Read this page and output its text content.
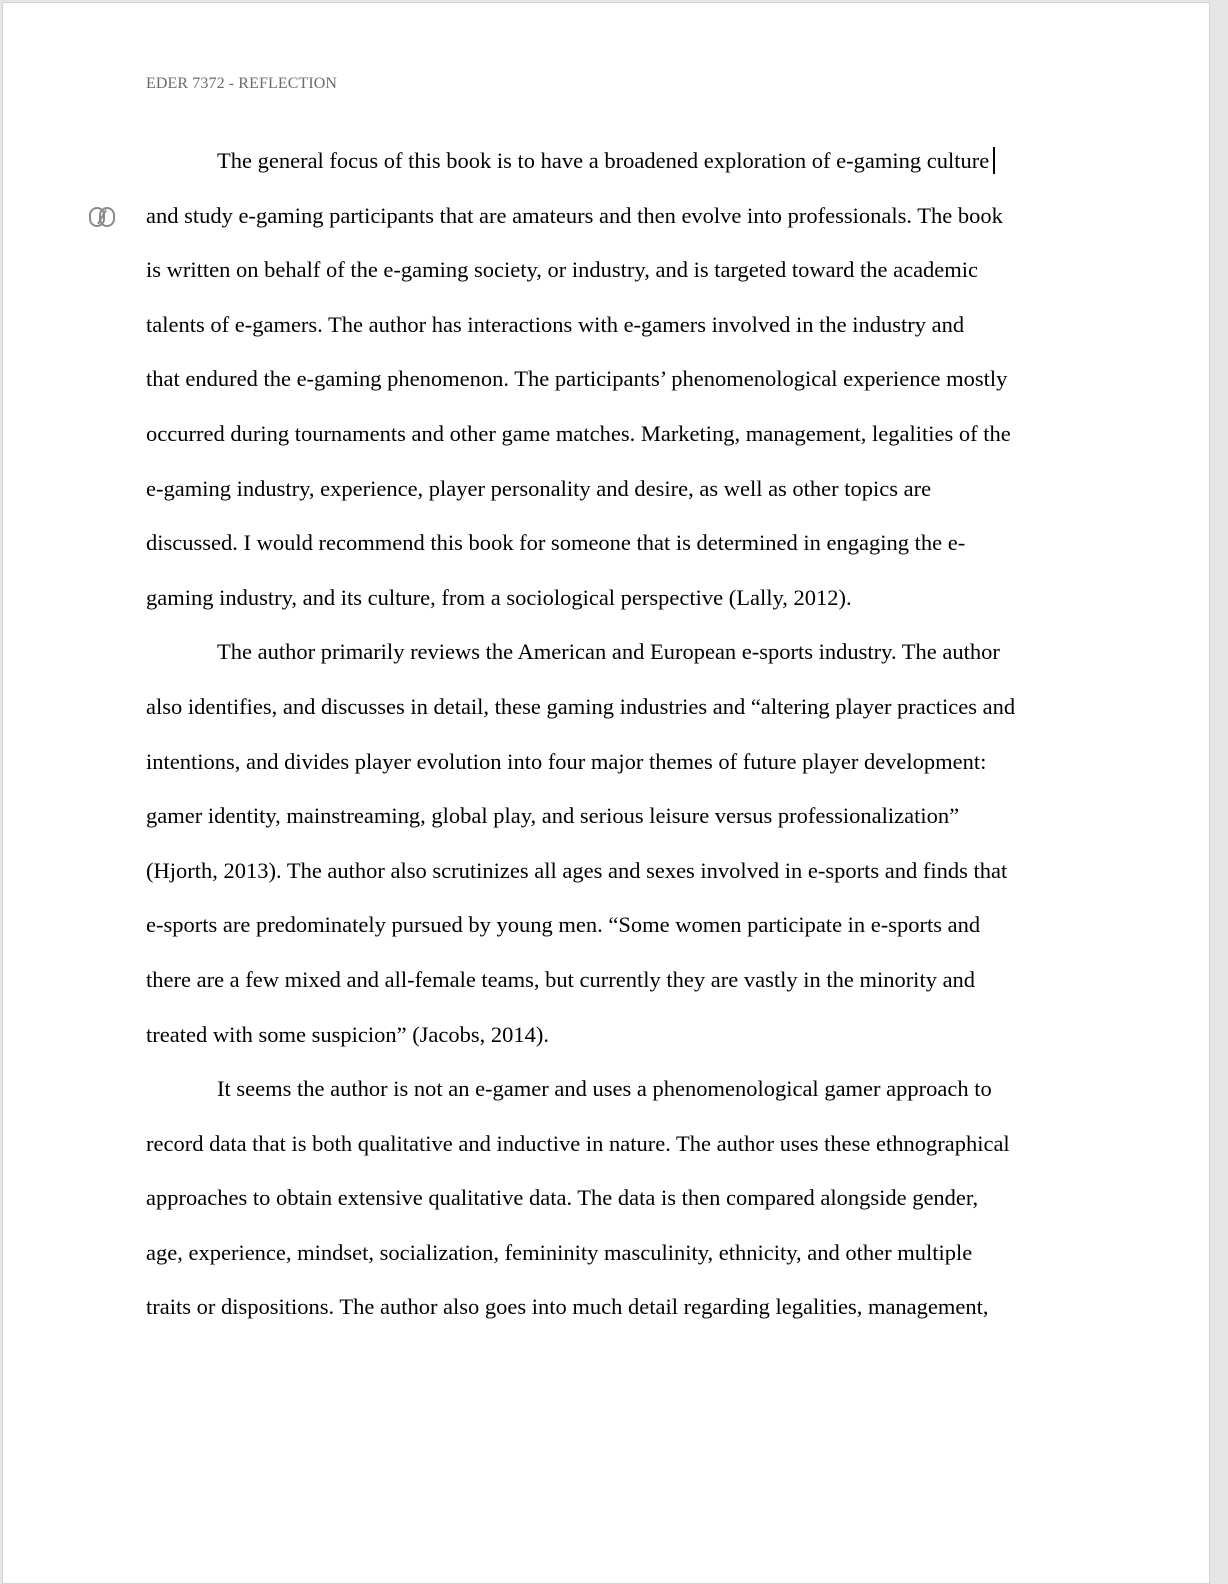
EDER 7372 - REFLECTION
The general focus of this book is to have a broadened exploration of e-gaming culture
and study e-gaming participants that are amateurs and then evolve into professionals. The book
is written on behalf of the e-gaming society, or industry, and is targeted toward the academic
talents of e-gamers. The author has interactions with e-gamers involved in the industry and
that endured the e-gaming phenomenon. The participants’ phenomenological experience mostly
occurred during tournaments and other game matches. Marketing, management, legalities of the
e-gaming industry, experience, player personality and desire, as well as other topics are
discussed. I would recommend this book for someone that is determined in engaging the e-
gaming industry, and its culture, from a sociological perspective (Lally, 2012).
The author primarily reviews the American and European e-sports industry. The author
also identifies, and discusses in detail, these gaming industries and “altering player practices and
intentions, and divides player evolution into four major themes of future player development:
gamer identity, mainstreaming, global play, and serious leisure versus professionalization”
(Hjorth, 2013). The author also scrutinizes all ages and sexes involved in e-sports and finds that
e-sports are predominately pursued by young men. “Some women participate in e-sports and
there are a few mixed and all-female teams, but currently they are vastly in the minority and
treated with some suspicion” (Jacobs, 2014).
It seems the author is not an e-gamer and uses a phenomenological gamer approach to
record data that is both qualitative and inductive in nature. The author uses these ethnographical
approaches to obtain extensive qualitative data. The data is then compared alongside gender,
age, experience, mindset, socialization, femininity masculinity, ethnicity, and other multiple
traits or dispositions. The author also goes into much detail regarding legalities, management,
